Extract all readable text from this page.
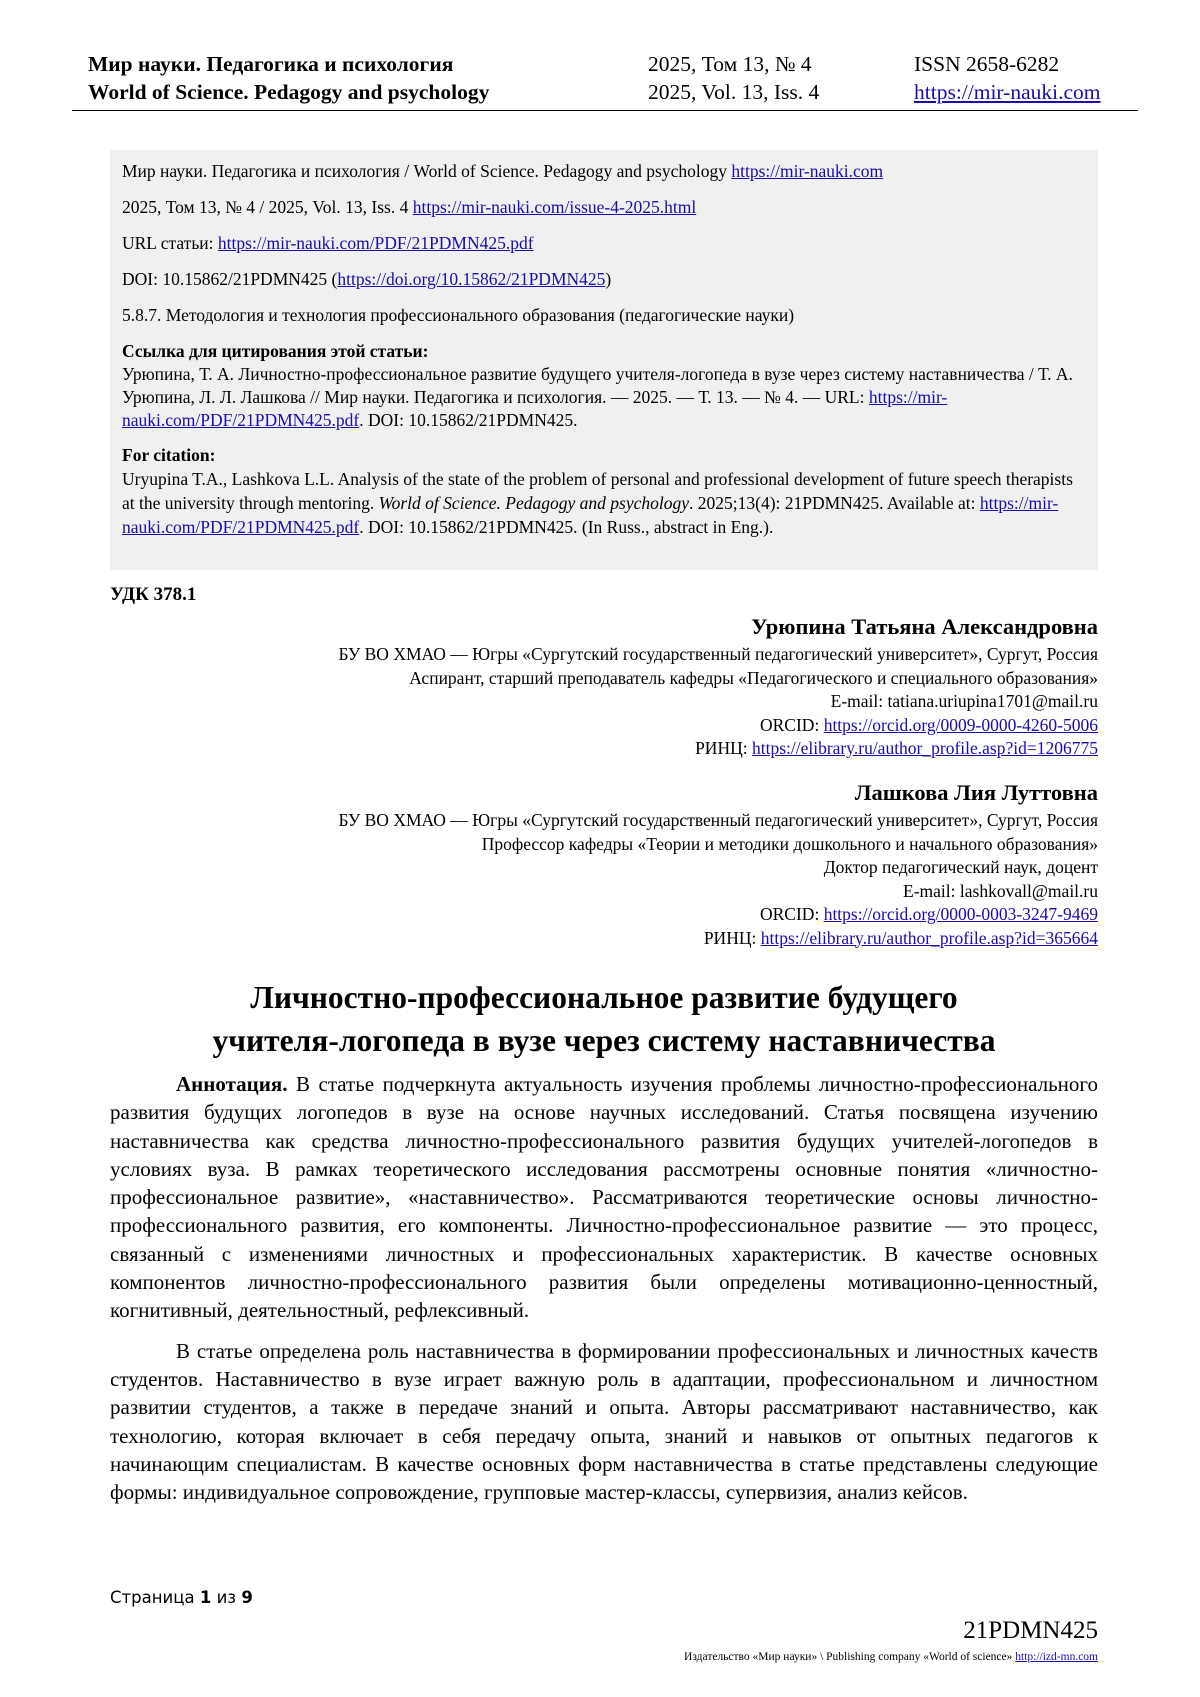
Мир науки. Педагогика и психология
World of Science. Pedagogy and psychology
2025, Том 13, № 4
2025, Vol. 13, Iss. 4
ISSN 2658-6282
https://mir-nauki.com

Мир науки. Педагогика и психология / World of Science. Pedagogy and psychology https://mir-nauki.com

2025, Том 13, № 4 / 2025, Vol. 13, Iss. 4 https://mir-nauki.com/issue-4-2025.html

URL статьи: https://mir-nauki.com/PDF/21PDMN425.pdf

DOI: 10.15862/21PDMN425 (https://doi.org/10.15862/21PDMN425)

5.8.7. Методология и технология профессионального образования (педагогические науки)

Ссылка для цитирования этой статьи:
Урюпина, Т. А. Личностно-профессиональное развитие будущего учителя-логопеда в вузе через систему наставничества / Т. А. Урюпина, Л. Л. Лашкова // Мир науки. Педагогика и психология. — 2025. — Т. 13. — № 4. — URL: https://mir-nauki.com/PDF/21PDMN425.pdf. DOI: 10.15862/21PDMN425.
For citation:
Uryupina T.A., Lashkova L.L. Analysis of the state of the problem of personal and professional development of future speech therapists at the university through mentoring. World of Science. Pedagogy and psychology. 2025;13(4): 21PDMN425. Available at: https://mir-nauki.com/PDF/21PDMN425.pdf. DOI: 10.15862/21PDMN425. (In Russ., abstract in Eng.).
УДК 378.1
Урюпина Татьяна Александровна
БУ ВО ХМАО — Югры «Сургутский государственный педагогический университет», Сургут, Россия
Аспирант, старший преподаватель кафедры «Педагогического и специального образования»
E-mail: tatiana.uriupina1701@mail.ru
ORCID: https://orcid.org/0009-0000-4260-5006
РИНЦ: https://elibrary.ru/author_profile.asp?id=1206775
Лашкова Лия Луттовна
БУ ВО ХМАО — Югры «Сургутский государственный педагогический университет», Сургут, Россия
Профессор кафедры «Теории и методики дошкольного и начального образования»
Доктор педагогический наук, доцент
E-mail: lashkovall@mail.ru
ORCID: https://orcid.org/0000-0003-3247-9469
РИНЦ: https://elibrary.ru/author_profile.asp?id=365664
Личностно-профессиональное развитие будущего
учителя-логопеда в вузе через систему наставничества

Аннотация. В статье подчеркнута актуальность изучения проблемы личностно-профессионального развития будущих логопедов в вузе на основе научных исследований. Статья посвящена изучению наставничества как средства личностно-профессионального развития будущих учителей-логопедов в условиях вуза. В рамках теоретического исследования рассмотрены основные понятия «личностно-профессиональное развитие», «наставничество». Рассматриваются теоретические основы личностно-профессионального развития, его компоненты. Личностно-профессиональное развитие — это процесс, связанный с изменениями личностных и профессиональных характеристик. В качестве основных компонентов личностно-профессионального развития были определены мотивационно-ценностный, когнитивный, деятельностный, рефлексивный.

В статье определена роль наставничества в формировании профессиональных и личностных качеств студентов. Наставничество в вузе играет важную роль в адаптации, профессиональном и личностном развитии студентов, а также в передаче знаний и опыта. Авторы рассматривают наставничество, как технологию, которая включает в себя передачу опыта, знаний и навыков от опытных педагогов к начинающим специалистам. В качестве основных форм наставничества в статье представлены следующие формы: индивидуальное сопровождение, групповые мастер-классы, супервизия, анализ кейсов.

Страница 1 из 9
21PDMN425
Издательство «Мир науки» \ Publishing company «World of science» http://izd-mn.com
